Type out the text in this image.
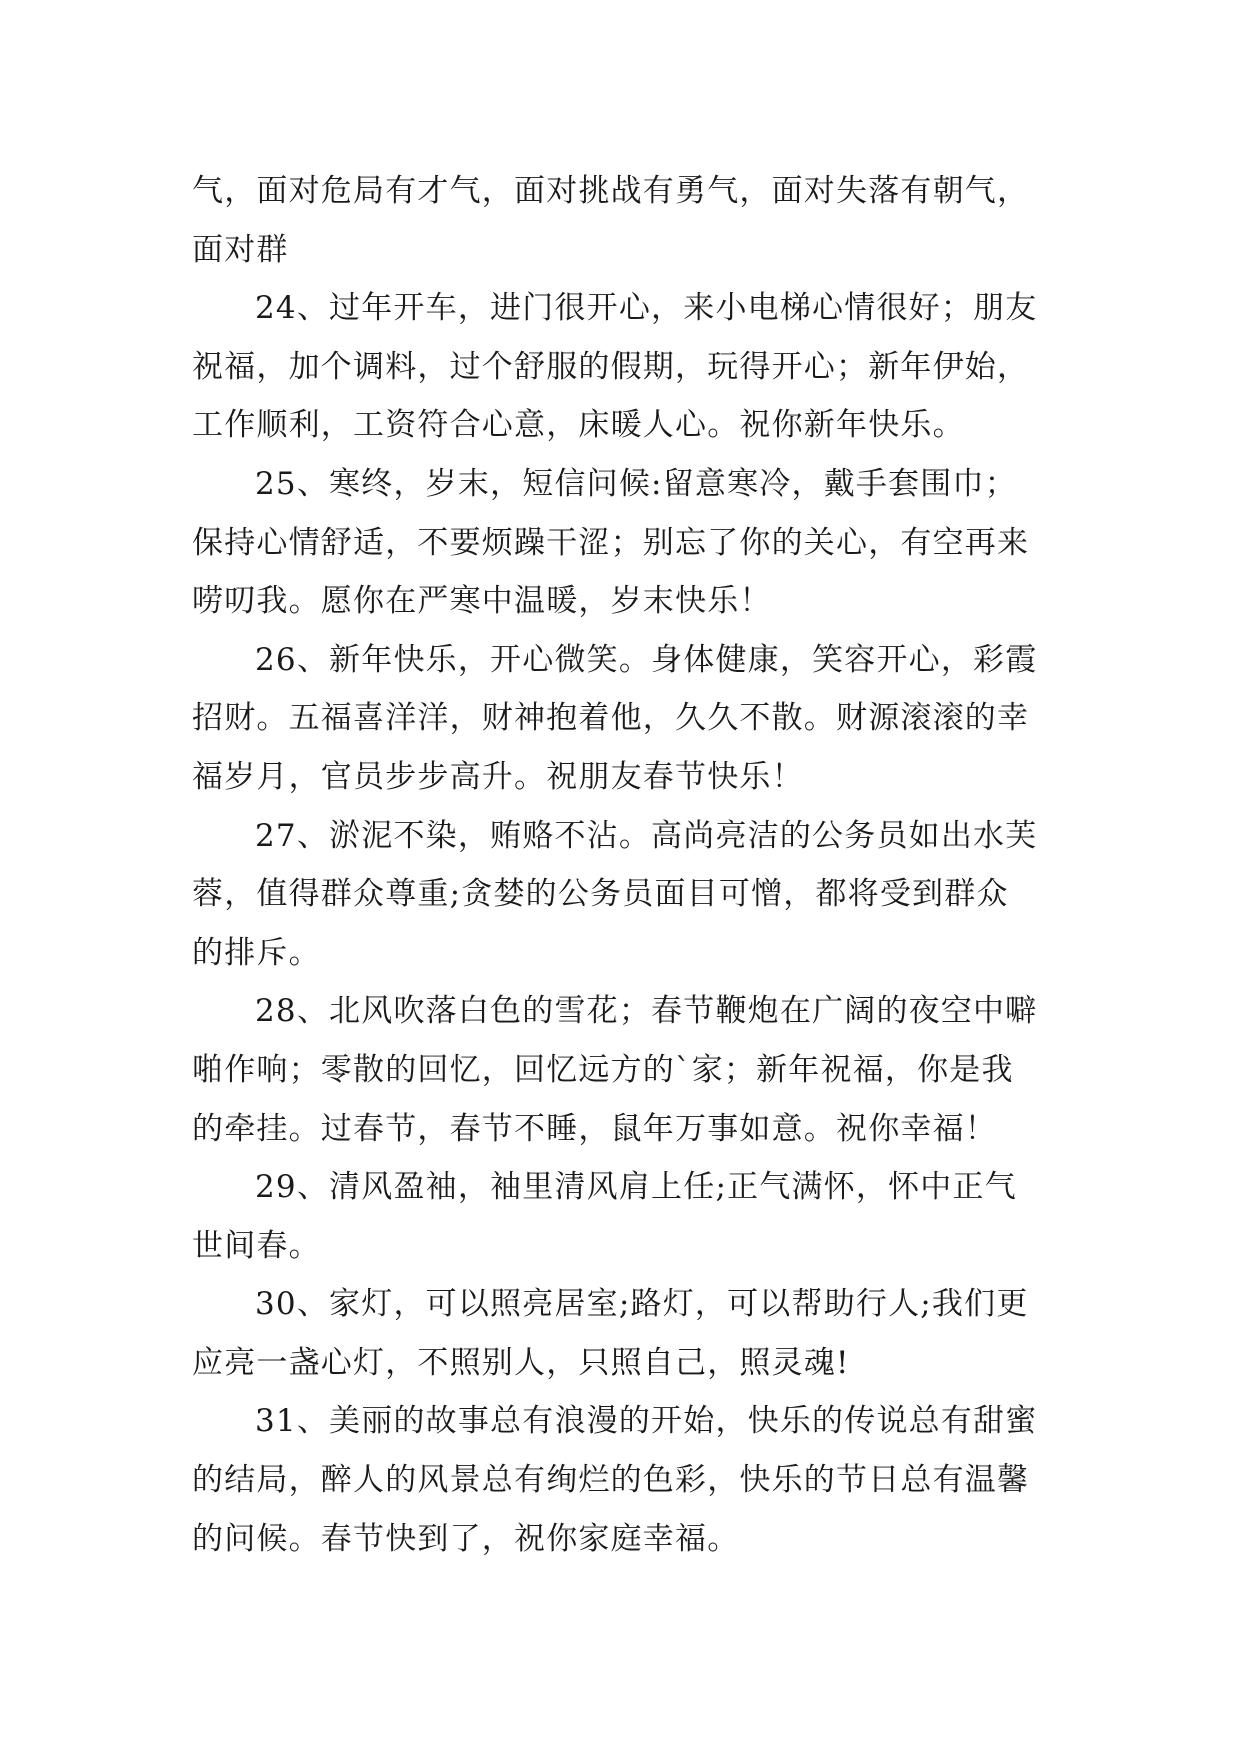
气，面对危局有才气，面对挑战有勇气，面对失落有朝气，
面对群
24、过年开车，进门很开心，来小电梯心情很好；朋友
祝福，加个调料，过个舒服的假期，玩得开心；新年伊始，
工作顺利，工资符合心意，床暖人心。祝你新年快乐。
25、寒终，岁末，短信问候:留意寒冷，戴手套围巾；
保持心情舒适，不要烦躁干涩；别忘了你的关心，有空再来
唠叨我。愿你在严寒中温暖，岁末快乐！
26、新年快乐，开心微笑。身体健康，笑容开心，彩霞
招财。五福喜洋洋，财神抱着他，久久不散。财源滚滚的幸
福岁月，官员步步高升。祝朋友春节快乐！
27、淤泥不染，贿赂不沾。高尚亮洁的公务员如出水芙
蓉，值得群众尊重;贪婪的公务员面目可憎，都将受到群众
的排斥。
28、北风吹落白色的雪花；春节鞭炮在广阔的夜空中噼
啪作响；零散的回忆，回忆远方的`家；新年祝福，你是我
的牵挂。过春节，春节不睡，鼠年万事如意。祝你幸福！
29、清风盈袖，袖里清风肩上任;正气满怀，怀中正气
世间春。
30、家灯，可以照亮居室;路灯，可以帮助行人;我们更
应亮一盏心灯，不照别人，只照自己，照灵魂!
31、美丽的故事总有浪漫的开始，快乐的传说总有甜蜜
的结局，醉人的风景总有绚烂的色彩，快乐的节日总有温馨
的问候。春节快到了，祝你家庭幸福。
